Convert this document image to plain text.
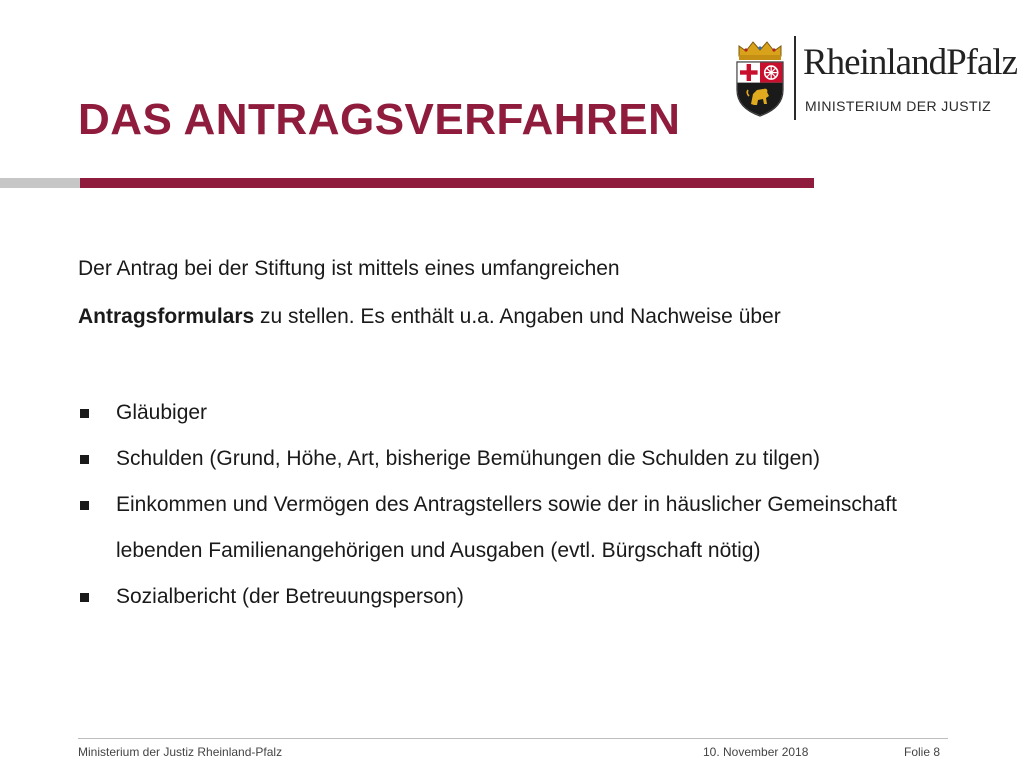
RheinlandPfalz
MINISTERIUM DER JUSTIZ
DAS ANTRAGSVERFAHREN

Der Antrag bei der Stiftung ist mittels eines umfangreichen
Antragsformulars zu stellen. Es enthält u.a. Angaben und Nachweise über

Gläubiger
Schulden (Grund, Höhe, Art, bisherige Bemühungen die Schulden zu tilgen)
Einkommen und Vermögen des Antragstellers sowie der in häuslicher Gemeinschaft lebenden Familienangehörigen und Ausgaben (evtl. Bürgschaft nötig)
Sozialbericht (der Betreuungsperson)
Ministerium der Justiz Rheinland-Pfalz	10. November 2018	Folie 8
